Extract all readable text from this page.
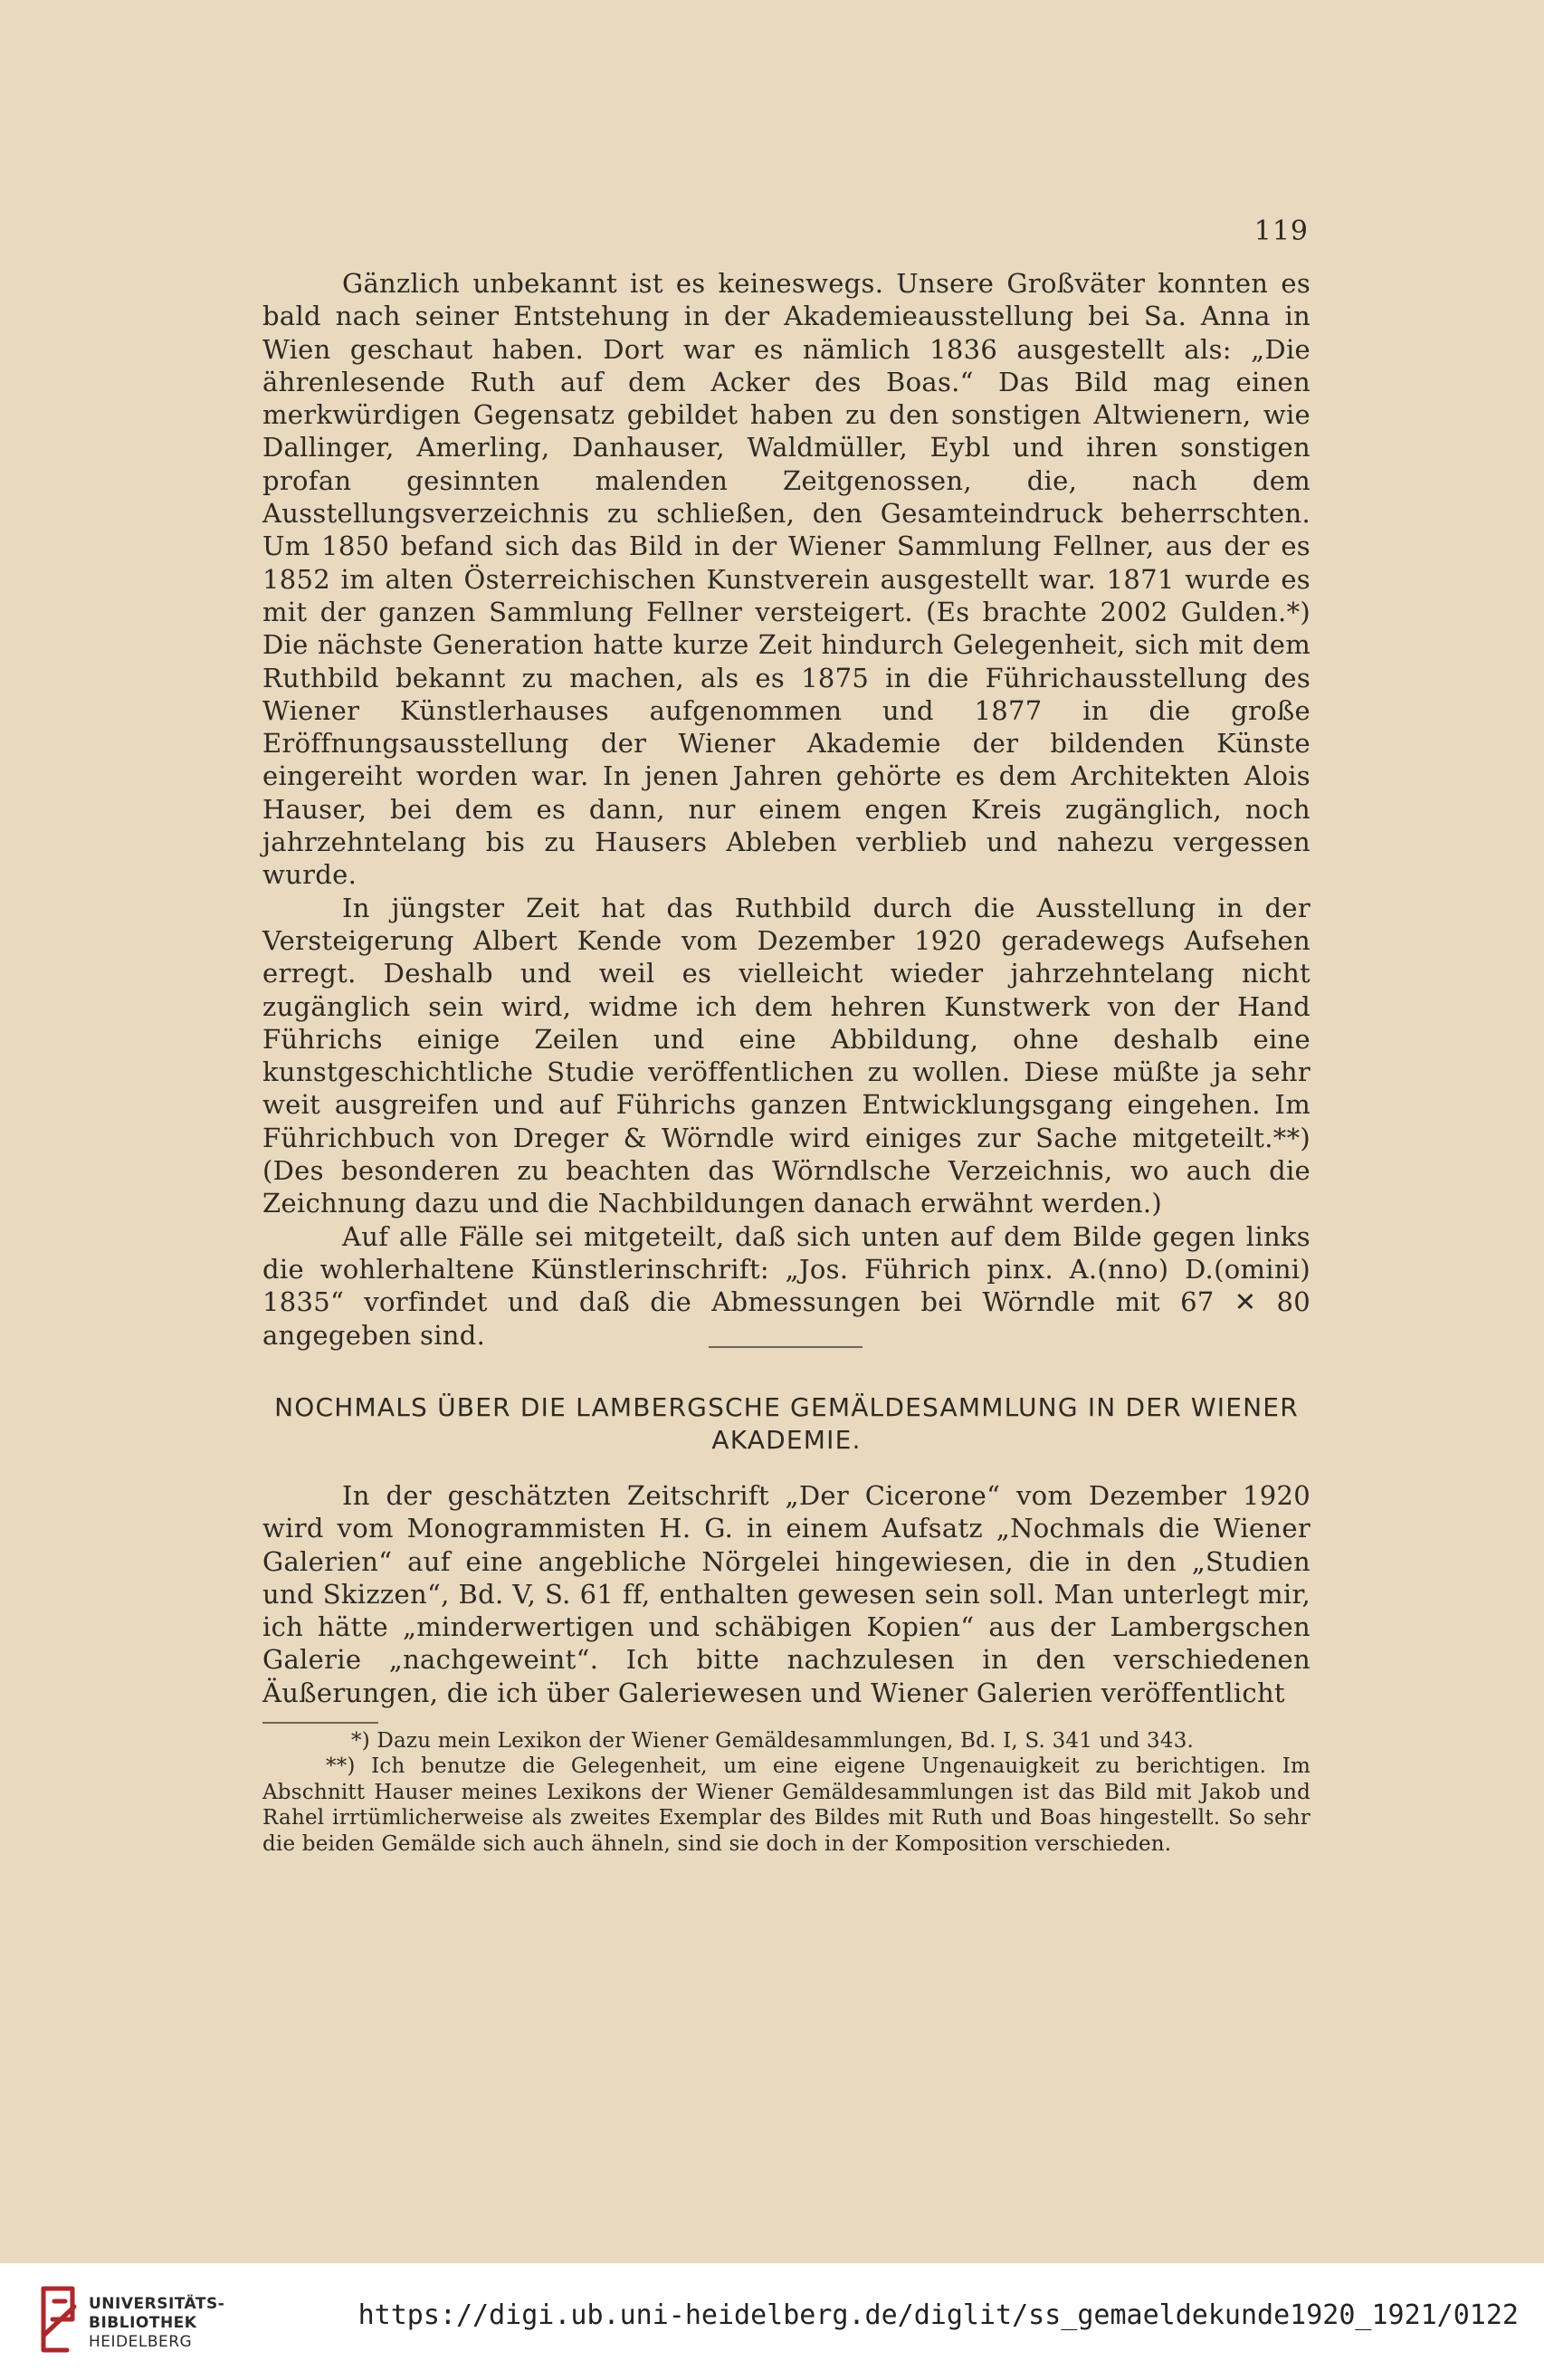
119

Gänzlich unbekannt ist es keineswegs. Unsere Großväter konnten es bald nach seiner Entstehung in der Akademieausstellung bei Sa. Anna in Wien geschaut haben. Dort war es nämlich 1836 ausgestellt als: „Die ährenlesende Ruth auf dem Acker des Boas.“ Das Bild mag einen merkwürdigen Gegensatz gebildet haben zu den sonstigen Altwienern, wie Dallinger, Amerling, Danhauser, Waldmüller, Eybl und ihren sonstigen profan gesinnten malenden Zeitgenossen, die, nach dem Ausstellungsverzeichnis zu schließen, den Gesamteindruck beherrschten. Um 1850 befand sich das Bild in der Wiener Sammlung Fellner, aus der es 1852 im alten Österreichischen Kunstverein ausgestellt war. 1871 wurde es mit der ganzen Sammlung Fellner versteigert. (Es brachte 2002 Gulden.*) Die nächste Generation hatte kurze Zeit hindurch Gelegenheit, sich mit dem Ruthbild bekannt zu machen, als es 1875 in die Führichausstellung des Wiener Künstlerhauses aufgenommen und 1877 in die große Eröffnungsausstellung der Wiener Akademie der bildenden Künste eingereiht worden war. In jenen Jahren gehörte es dem Architekten Alois Hauser, bei dem es dann, nur einem engen Kreis zugänglich, noch jahrzehntelang bis zu Hausers Ableben verblieb und nahezu vergessen wurde.

In jüngster Zeit hat das Ruthbild durch die Ausstellung in der Versteigerung Albert Kende vom Dezember 1920 geradewegs Aufsehen erregt. Deshalb und weil es vielleicht wieder jahrzehntelang nicht zugänglich sein wird, widme ich dem hehren Kunstwerk von der Hand Führichs einige Zeilen und eine Abbildung, ohne deshalb eine kunstgeschichtliche Studie veröffentlichen zu wollen. Diese müßte ja sehr weit ausgreifen und auf Führichs ganzen Entwicklungsgang eingehen. Im Führichbuch von Dreger & Wörndle wird einiges zur Sache mitgeteilt.**) (Des besonderen zu beachten das Wörndlsche Verzeichnis, wo auch die Zeichnung dazu und die Nachbildungen danach erwähnt werden.)

Auf alle Fälle sei mitgeteilt, daß sich unten auf dem Bilde gegen links die wohlerhaltene Künstlerinschrift: „Jos. Führich pinx. A.(nno) D.(omini) 1835“ vorfindet und daß die Abmessungen bei Wörndle mit 67 ✕ 80 angegeben sind.

NOCHMALS ÜBER DIE LAMBERGSCHE GEMÄLDESAMMLUNG IN DER WIENER AKADEMIE.

In der geschätzten Zeitschrift „Der Cicerone“ vom Dezember 1920 wird vom Monogrammisten H. G. in einem Aufsatz „Nochmals die Wiener Galerien“ auf eine angebliche Nörgelei hingewiesen, die in den „Studien und Skizzen“, Bd. V, S. 61 ff, enthalten gewesen sein soll. Man unterlegt mir, ich hätte „minderwertigen und schäbigen Kopien“ aus der Lambergschen Galerie „nachgeweint“. Ich bitte nachzulesen in den verschiedenen Äußerungen, die ich über Galeriewesen und Wiener Galerien veröffentlicht

*) Dazu mein Lexikon der Wiener Gemäldesammlungen, Bd. I, S. 341 und 343.

**) Ich benutze die Gelegenheit, um eine eigene Ungenauigkeit zu berichtigen. Im Abschnitt Hauser meines Lexikons der Wiener Gemäldesammlungen ist das Bild mit Jakob und Rahel irrtümlicherweise als zweites Exemplar des Bildes mit Ruth und Boas hingestellt. So sehr die beiden Gemälde sich auch ähneln, sind sie doch in der Komposition verschieden.

UNIVERSITÄTS-
BIBLIOTHEK
HEIDELBERG
https://digi.ub.uni-heidelberg.de/diglit/ss_gemaeldekunde1920_1921/0122
